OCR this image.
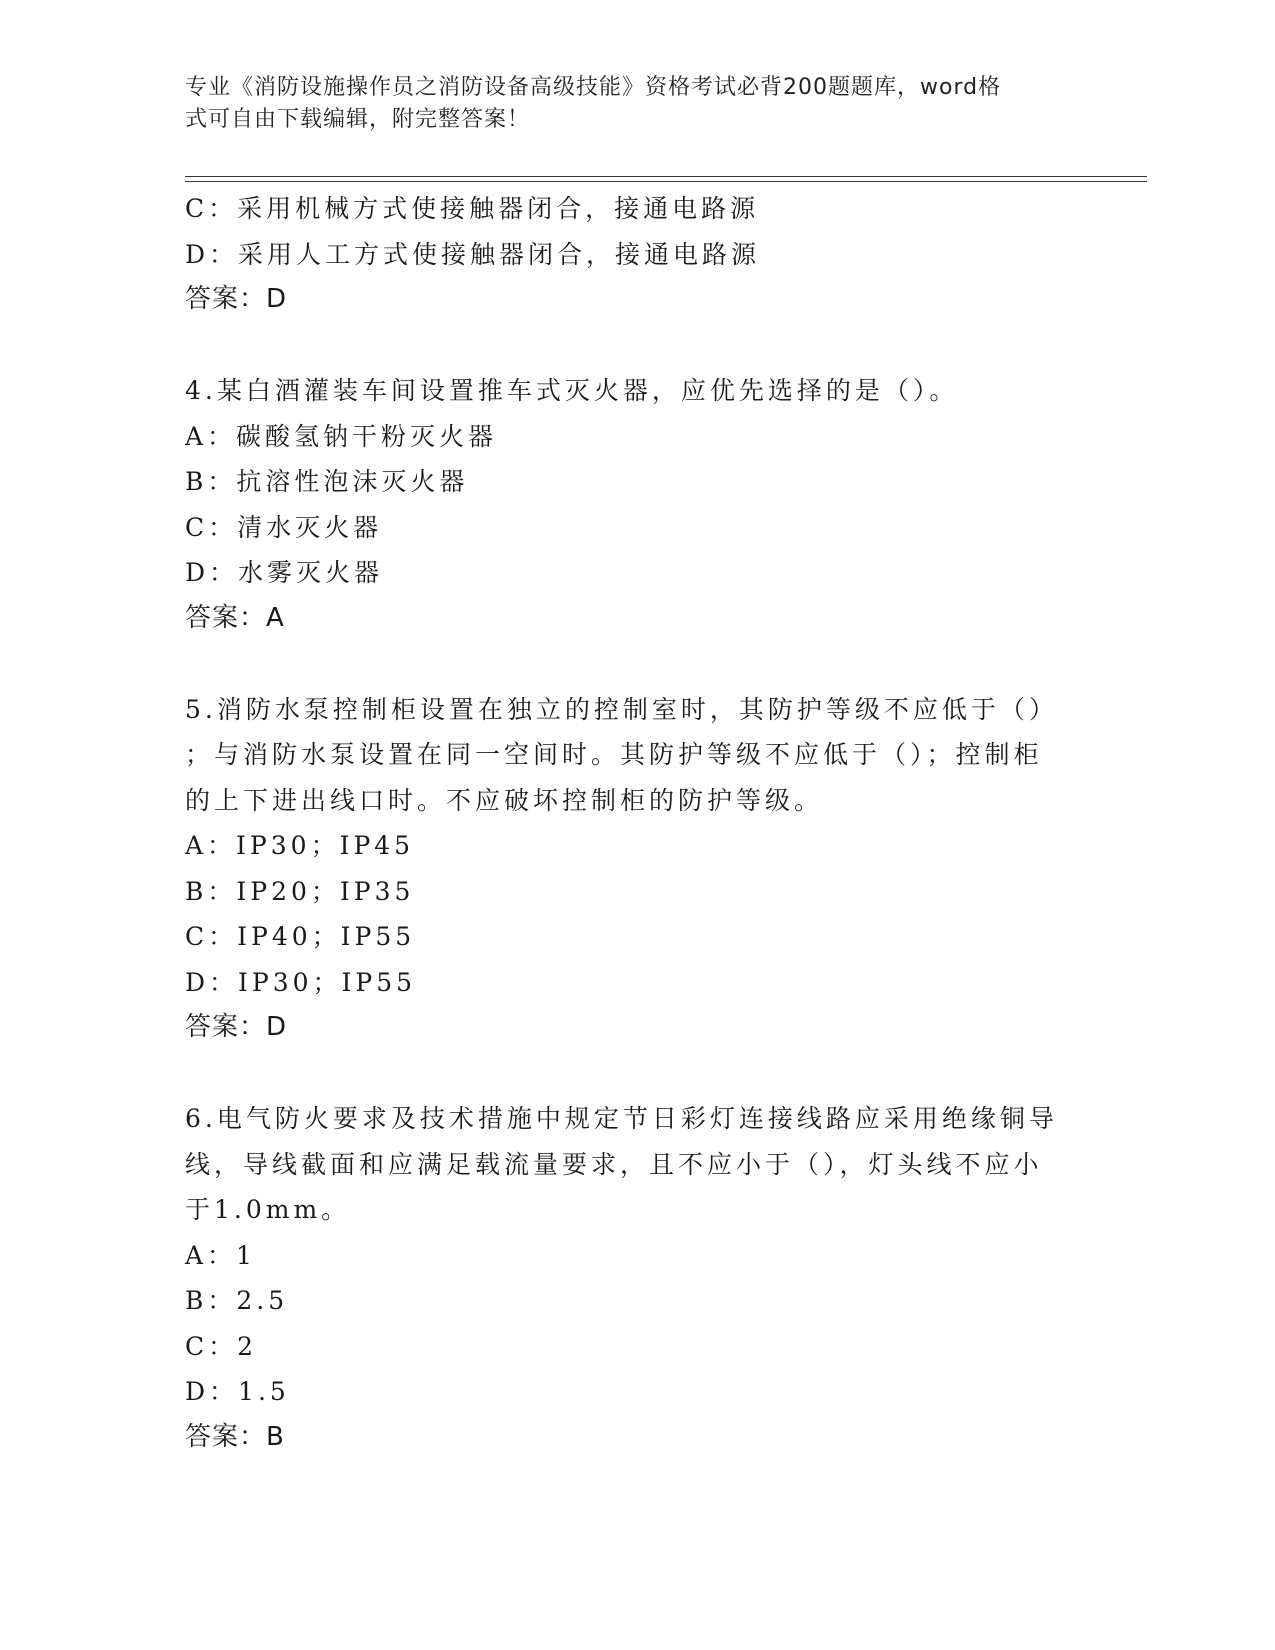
专业《消防设施操作员之消防设备高级技能》资格考试必背200题题库，word格
式可自由下载编辑，附完整答案！
C：采用机械方式使接触器闭合，接通电路源
D：采用人工方式使接触器闭合，接通电路源
答案：D
4.某白酒灌装车间设置推车式灭火器，应优先选择的是（）。
A：碳酸氢钠干粉灭火器
B：抗溶性泡沫灭火器
C：清水灭火器
D：水雾灭火器
答案：A
5.消防水泵控制柜设置在独立的控制室时，其防护等级不应低于（）
；与消防水泵设置在同一空间时。其防护等级不应低于（）；控制柜
的上下进出线口时。不应破坏控制柜的防护等级。
A：IP30；IP45
B：IP20；IP35
C：IP40；IP55
D：IP30；IP55
答案：D
6.电气防火要求及技术措施中规定节日彩灯连接线路应采用绝缘铜导
线，导线截面和应满足载流量要求，且不应小于（），灯头线不应小
于1.0mm。
A：1
B：2.5
C：2
D：1.5
答案：B
